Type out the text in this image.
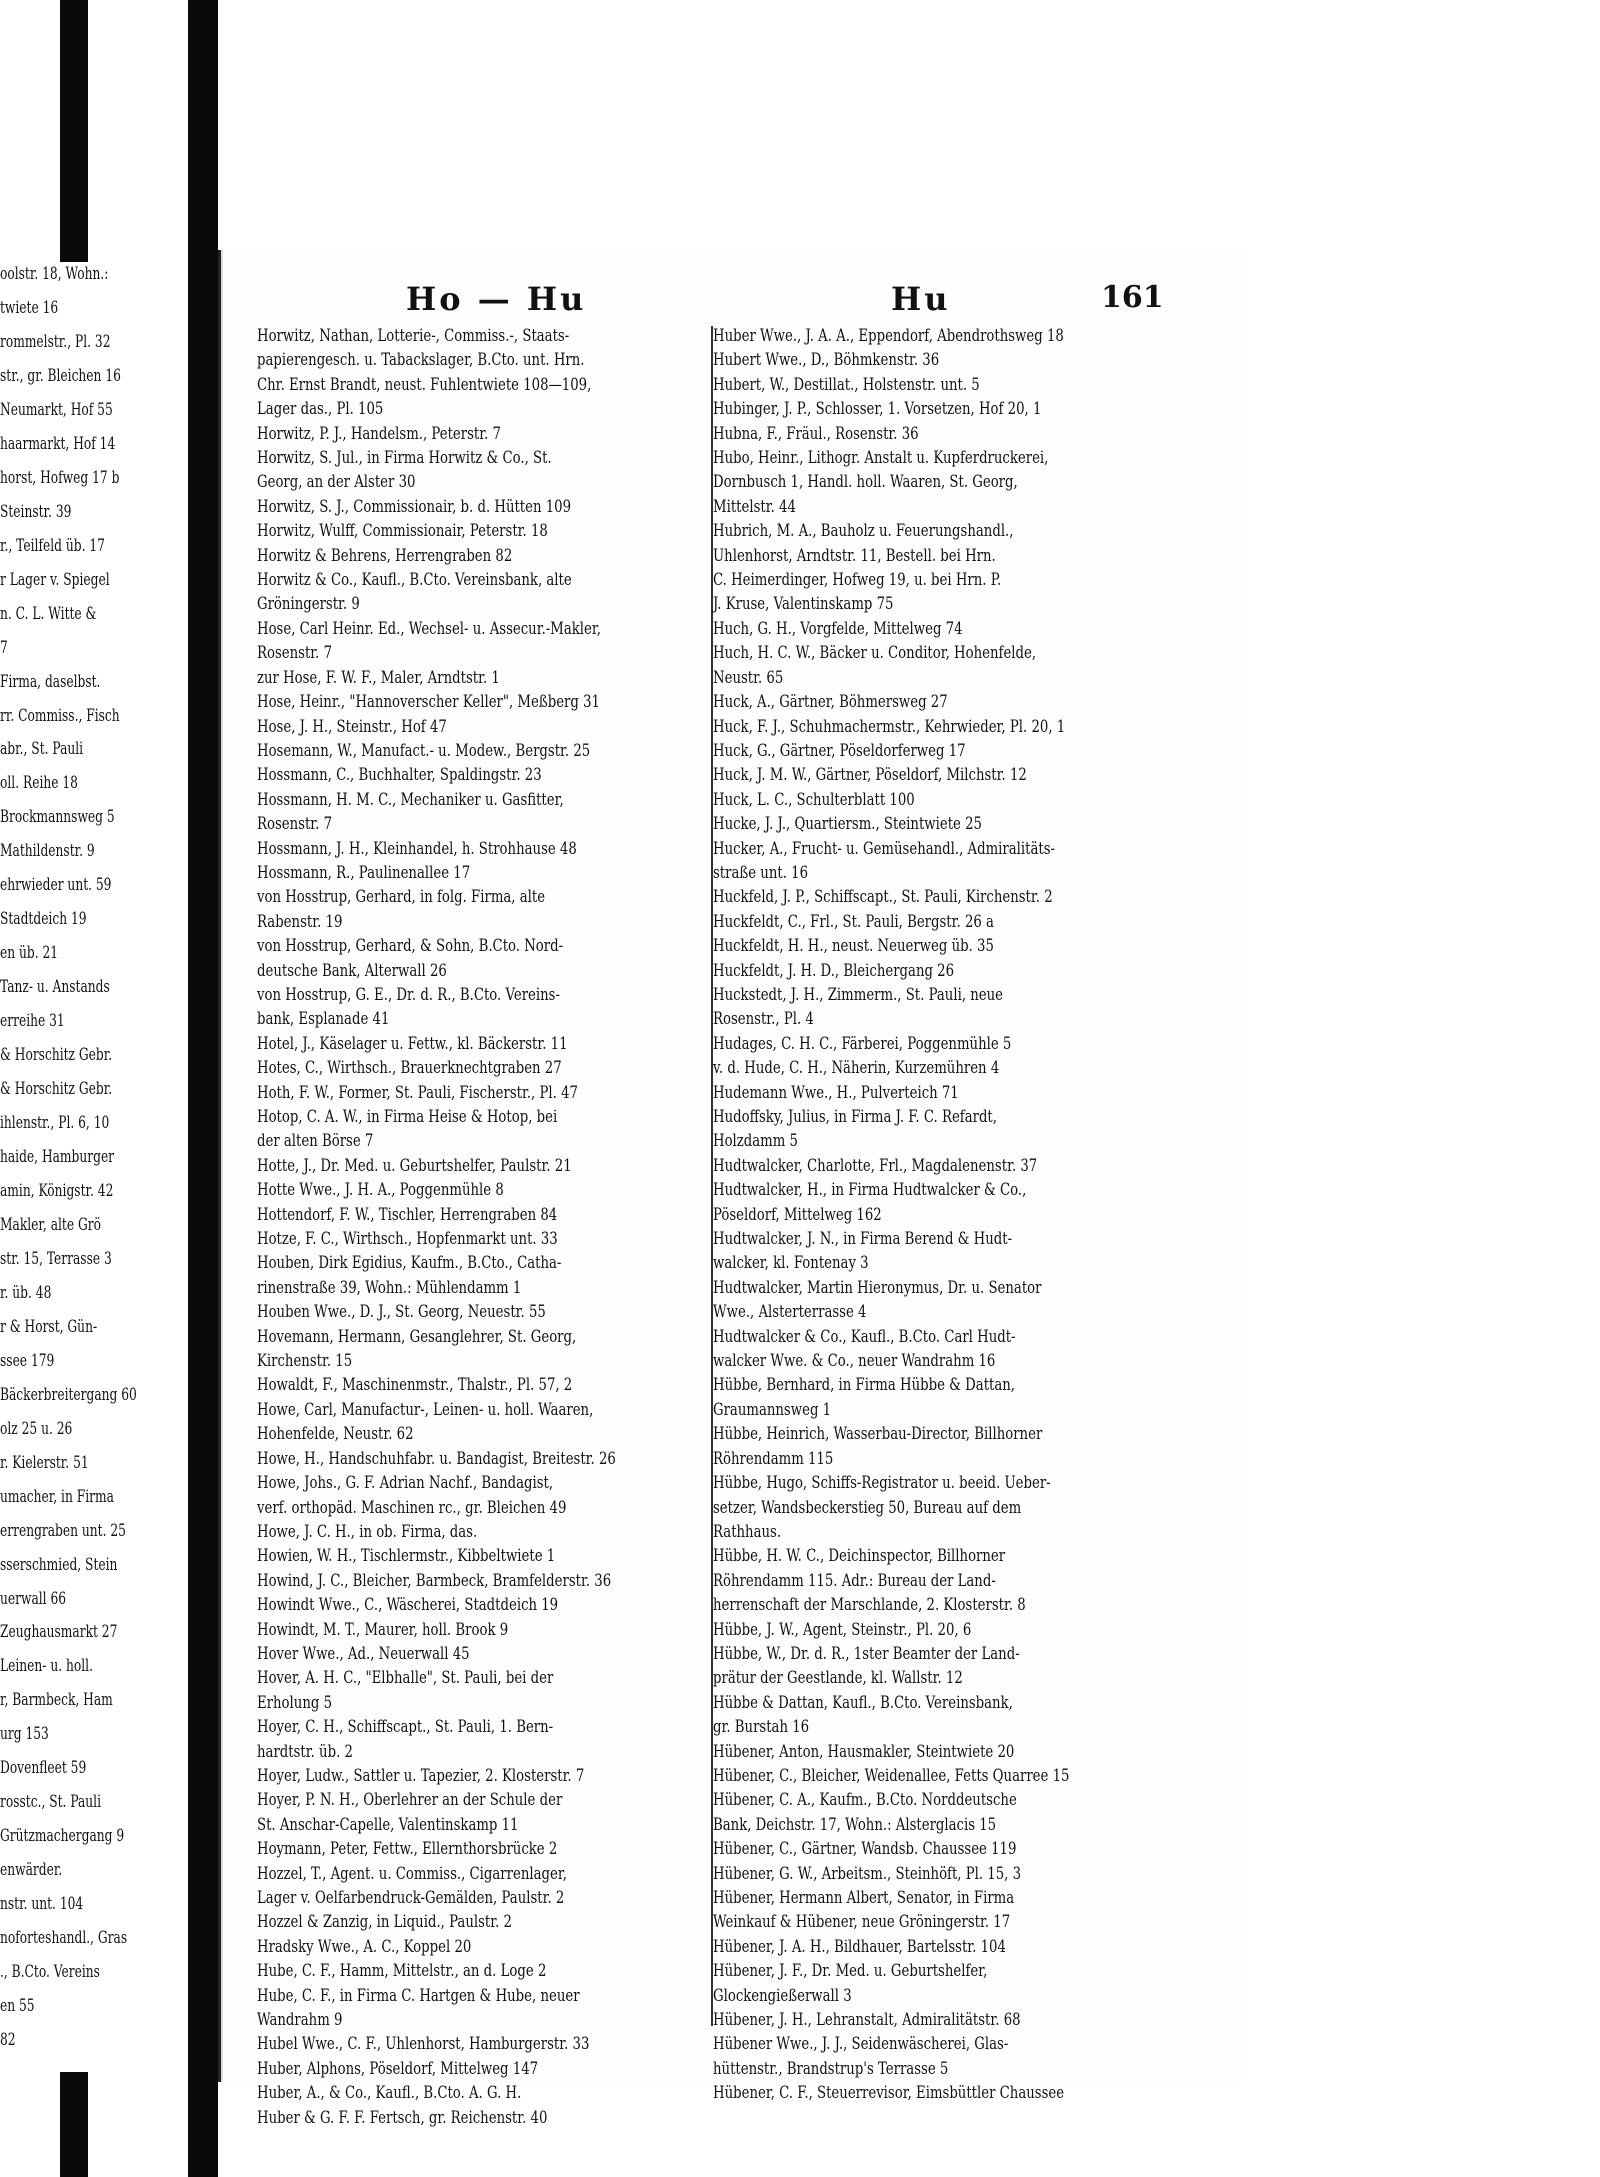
oolstr. 18, Wohn.:
twiete 16
rommelstr., Pl. 32
str., gr. Bleichen 16
Neumarkt, Hof 55
haarmarkt, Hof 14
horst, Hofweg 17 b
Steinstr. 39
r., Teilfeld üb. 17
r Lager v. Spiegel
n. C. L. Witte &
7
Firma, daselbst.
rr. Commiss., Fisch
abr., St. Pauli
oll. Reihe 18
Brockmannsweg 5
Mathildenstr. 9
ehrwieder unt. 59
Stadtdeich 19
en üb. 21
Tanz- u. Anstands
erreihe 31
& Horschitz Gebr.
& Horschitz Gebr.
ihlenstr., Pl. 6, 10
haide, Hamburger
amin, Königstr. 42
Makler, alte Grö
str. 15, Terrasse 3
r. üb. 48
r & Horst, Gün-
ssee 179
Bäckerbreitergang 60
olz 25 u. 26
r. Kielerstr. 51
umacher, in Firma
errengraben unt. 25
sserschmied, Stein
uerwall 66
Zeughausmarkt 27
Leinen- u. holl.
r, Barmbeck, Ham
urg 153
Dovenfleet 59
rosstc., St. Pauli
Grützmachergang 9
enwärder.
nstr. unt. 104
noforteshandl., Gras
., B.Cto. Vereins
en 55
82
Ho — Hu	Hu	161
Horwitz, Nathan, Lotterie-, Commiss.-, Staats-
papierengesch. u. Tabackslager, B.Cto. unt. Hrn.
Chr. Ernst Brandt, neust. Fuhlentwiete 108—109,
Lager das., Pl. 105
Horwitz, P. J., Handelsm., Peterstr. 7
Horwitz, S. Jul., in Firma Horwitz & Co., St.
Georg, an der Alster 30
Horwitz, S. J., Commissionair, b. d. Hütten 109
Horwitz, Wulff, Commissionair, Peterstr. 18
Horwitz & Behrens, Herrengraben 82
Horwitz & Co., Kaufl., B.Cto. Vereinsbank, alte
Gröningerstr. 9
Hose, Carl Heinr. Ed., Wechsel- u. Assecur.-Makler,
Rosenstr. 7
zur Hose, F. W. F., Maler, Arndtstr. 1
Hose, Heinr., "Hannoverscher Keller", Meßberg 31
Hose, J. H., Steinstr., Hof 47
Hosemann, W., Manufact.- u. Modew., Bergstr. 25
Hossmann, C., Buchhalter, Spaldingstr. 23
Hossmann, H. M. C., Mechaniker u. Gasfitter,
Rosenstr. 7
Hossmann, J. H., Kleinhandel, h. Strohhause 48
Hossmann, R., Paulinenallee 17
von Hosstrup, Gerhard, in folg. Firma, alte
Rabenstr. 19
von Hosstrup, Gerhard, & Sohn, B.Cto. Nord-
deutsche Bank, Alterwall 26
von Hosstrup, G. E., Dr. d. R., B.Cto. Vereins-
bank, Esplanade 41
Hotel, J., Käselager u. Fettw., kl. Bäckerstr. 11
Hotes, C., Wirthsch., Brauerknechtgraben 27
Hoth, F. W., Former, St. Pauli, Fischerstr., Pl. 47
Hotop, C. A. W., in Firma Heise & Hotop, bei
der alten Börse 7
Hotte, J., Dr. Med. u. Geburtshelfer, Paulstr. 21
Hotte Wwe., J. H. A., Poggenmühle 8
Hottendorf, F. W., Tischler, Herrengraben 84
Hotze, F. C., Wirthsch., Hopfenmarkt unt. 33
Houben, Dirk Egidius, Kaufm., B.Cto., Catha-
rinenstraße 39, Wohn.: Mühlendamm 1
Houben Wwe., D. J., St. Georg, Neuestr. 55
Hovemann, Hermann, Gesanglehrer, St. Georg,
Kirchenstr. 15
Howaldt, F., Maschinenmstr., Thalstr., Pl. 57, 2
Howe, Carl, Manufactur-, Leinen- u. holl. Waaren,
Hohenfelde, Neustr. 62
Howe, H., Handschuhfabr. u. Bandagist, Breitestr. 26
Howe, Johs., G. F. Adrian Nachf., Bandagist,
verf. orthopäd. Maschinen rc., gr. Bleichen 49
Howe, J. C. H., in ob. Firma, das.
Howien, W. H., Tischlermstr., Kibbeltwiete 1
Howind, J. C., Bleicher, Barmbeck, Bramfelderstr. 36
Howindt Wwe., C., Wäscherei, Stadtdeich 19
Howindt, M. T., Maurer, holl. Brook 9
Hover Wwe., Ad., Neuerwall 45
Hover, A. H. C., "Elbhalle", St. Pauli, bei der
Erholung 5
Hoyer, C. H., Schiffscapt., St. Pauli, 1. Bern-
hardtstr. üb. 2
Hoyer, Ludw., Sattler u. Tapezier, 2. Klosterstr. 7
Hoyer, P. N. H., Oberlehrer an der Schule der
St. Anschar-Capelle, Valentinskamp 11
Hoymann, Peter, Fettw., Ellernthorsbrücke 2
Hozzel, T., Agent. u. Commiss., Cigarrenlager,
Lager v. Oelfarbendruck-Gemälden, Paulstr. 2
Hozzel & Zanzig, in Liquid., Paulstr. 2
Hradsky Wwe., A. C., Koppel 20
Hube, C. F., Hamm, Mittelstr., an d. Loge 2
Hube, C. F., in Firma C. Hartgen & Hube, neuer
Wandrahm 9
Hubel Wwe., C. F., Uhlenhorst, Hamburgerstr. 33
Huber, Alphons, Pöseldorf, Mittelweg 147
Huber, A., & Co., Kaufl., B.Cto. A. G. H.
Huber & G. F. F. Fertsch, gr. Reichenstr. 40
Huber Wwe., J. A. A., Eppendorf, Abendrothsweg 18
Hubert Wwe., D., Böhmkenstr. 36
Hubert, W., Destillat., Holstenstr. unt. 5
Hubinger, J. P., Schlosser, 1. Vorsetzen, Hof 20, 1
Hubna, F., Fräul., Rosenstr. 36
Hubo, Heinr., Lithogr. Anstalt u. Kupferdruckerei,
Dornbusch 1, Handl. holl. Waaren, St. Georg,
Mittelstr. 44
Hubrich, M. A., Bauholz u. Feuerungshandl.,
Uhlenhorst, Arndtstr. 11, Bestell. bei Hrn.
C. Heimerdinger, Hofweg 19, u. bei Hrn. P.
J. Kruse, Valentinskamp 75
Huch, G. H., Vorgfelde, Mittelweg 74
Huch, H. C. W., Bäcker u. Conditor, Hohenfelde,
Neustr. 65
Huck, A., Gärtner, Böhmersweg 27
Huck, F. J., Schuhmachermstr., Kehrwieder, Pl. 20, 1
Huck, G., Gärtner, Pöseldorferweg 17
Huck, J. M. W., Gärtner, Pöseldorf, Milchstr. 12
Huck, L. C., Schulterblatt 100
Hucke, J. J., Quartiersm., Steintwiete 25
Hucker, A., Frucht- u. Gemüsehandl., Admiralitäts-
straße unt. 16
Huckfeld, J. P., Schiffscapt., St. Pauli, Kirchenstr. 2
Huckfeldt, C., Frl., St. Pauli, Bergstr. 26 a
Huckfeldt, H. H., neust. Neuerweg üb. 35
Huckfeldt, J. H. D., Bleichergang 26
Huckstedt, J. H., Zimmerm., St. Pauli, neue
Rosenstr., Pl. 4
Hudages, C. H. C., Färberei, Poggenmühle 5
v. d. Hude, C. H., Näherin, Kurzemühren 4
Hudemann Wwe., H., Pulverteich 71
Hudoffsky, Julius, in Firma J. F. C. Refardt,
Holzdamm 5
Hudtwalcker, Charlotte, Frl., Magdalenenstr. 37
Hudtwalcker, H., in Firma Hudtwalcker & Co.,
Pöseldorf, Mittelweg 162
Hudtwalcker, J. N., in Firma Berend & Hudt-
walcker, kl. Fontenay 3
Hudtwalcker, Martin Hieronymus, Dr. u. Senator
Wwe., Alsterterrasse 4
Hudtwalcker & Co., Kaufl., B.Cto. Carl Hudt-
walcker Wwe. & Co., neuer Wandrahm 16
Hübbe, Bernhard, in Firma Hübbe & Dattan,
Graumannsweg 1
Hübbe, Heinrich, Wasserbau-Director, Billhorner
Röhrendamm 115
Hübbe, Hugo, Schiffs-Registrator u. beeid. Ueber-
setzer, Wandsbeckerstieg 50, Bureau auf dem
Rathhaus.
Hübbe, H. W. C., Deichinspector, Billhorner
Röhrendamm 115. Adr.: Bureau der Land-
herrenschaft der Marschlande, 2. Klosterstr. 8
Hübbe, J. W., Agent, Steinstr., Pl. 20, 6
Hübbe, W., Dr. d. R., 1ster Beamter der Land-
prätur der Geestlande, kl. Wallstr. 12
Hübbe & Dattan, Kaufl., B.Cto. Vereinsbank,
gr. Burstah 16
Hübener, Anton, Hausmakler, Steintwiete 20
Hübener, C., Bleicher, Weidenallee, Fetts Quarree 15
Hübener, C. A., Kaufm., B.Cto. Norddeutsche
Bank, Deichstr. 17, Wohn.: Alsterglacis 15
Hübener, C., Gärtner, Wandsb. Chaussee 119
Hübener, G. W., Arbeitsm., Steinhöft, Pl. 15, 3
Hübener, Hermann Albert, Senator, in Firma
Weinkauf & Hübener, neue Gröningerstr. 17
Hübener, J. A. H., Bildhauer, Bartelsstr. 104
Hübener, J. F., Dr. Med. u. Geburtshelfer,
Glockengießerwall 3
Hübener, J. H., Lehranstalt, Admiralitätstr. 68
Hübener Wwe., J. J., Seidenwäscherei, Glas-
hüttenstr., Brandstrup's Terrasse 5
Hübener, C. F., Steuerrevisor, Eimsbüttler Chaussee
